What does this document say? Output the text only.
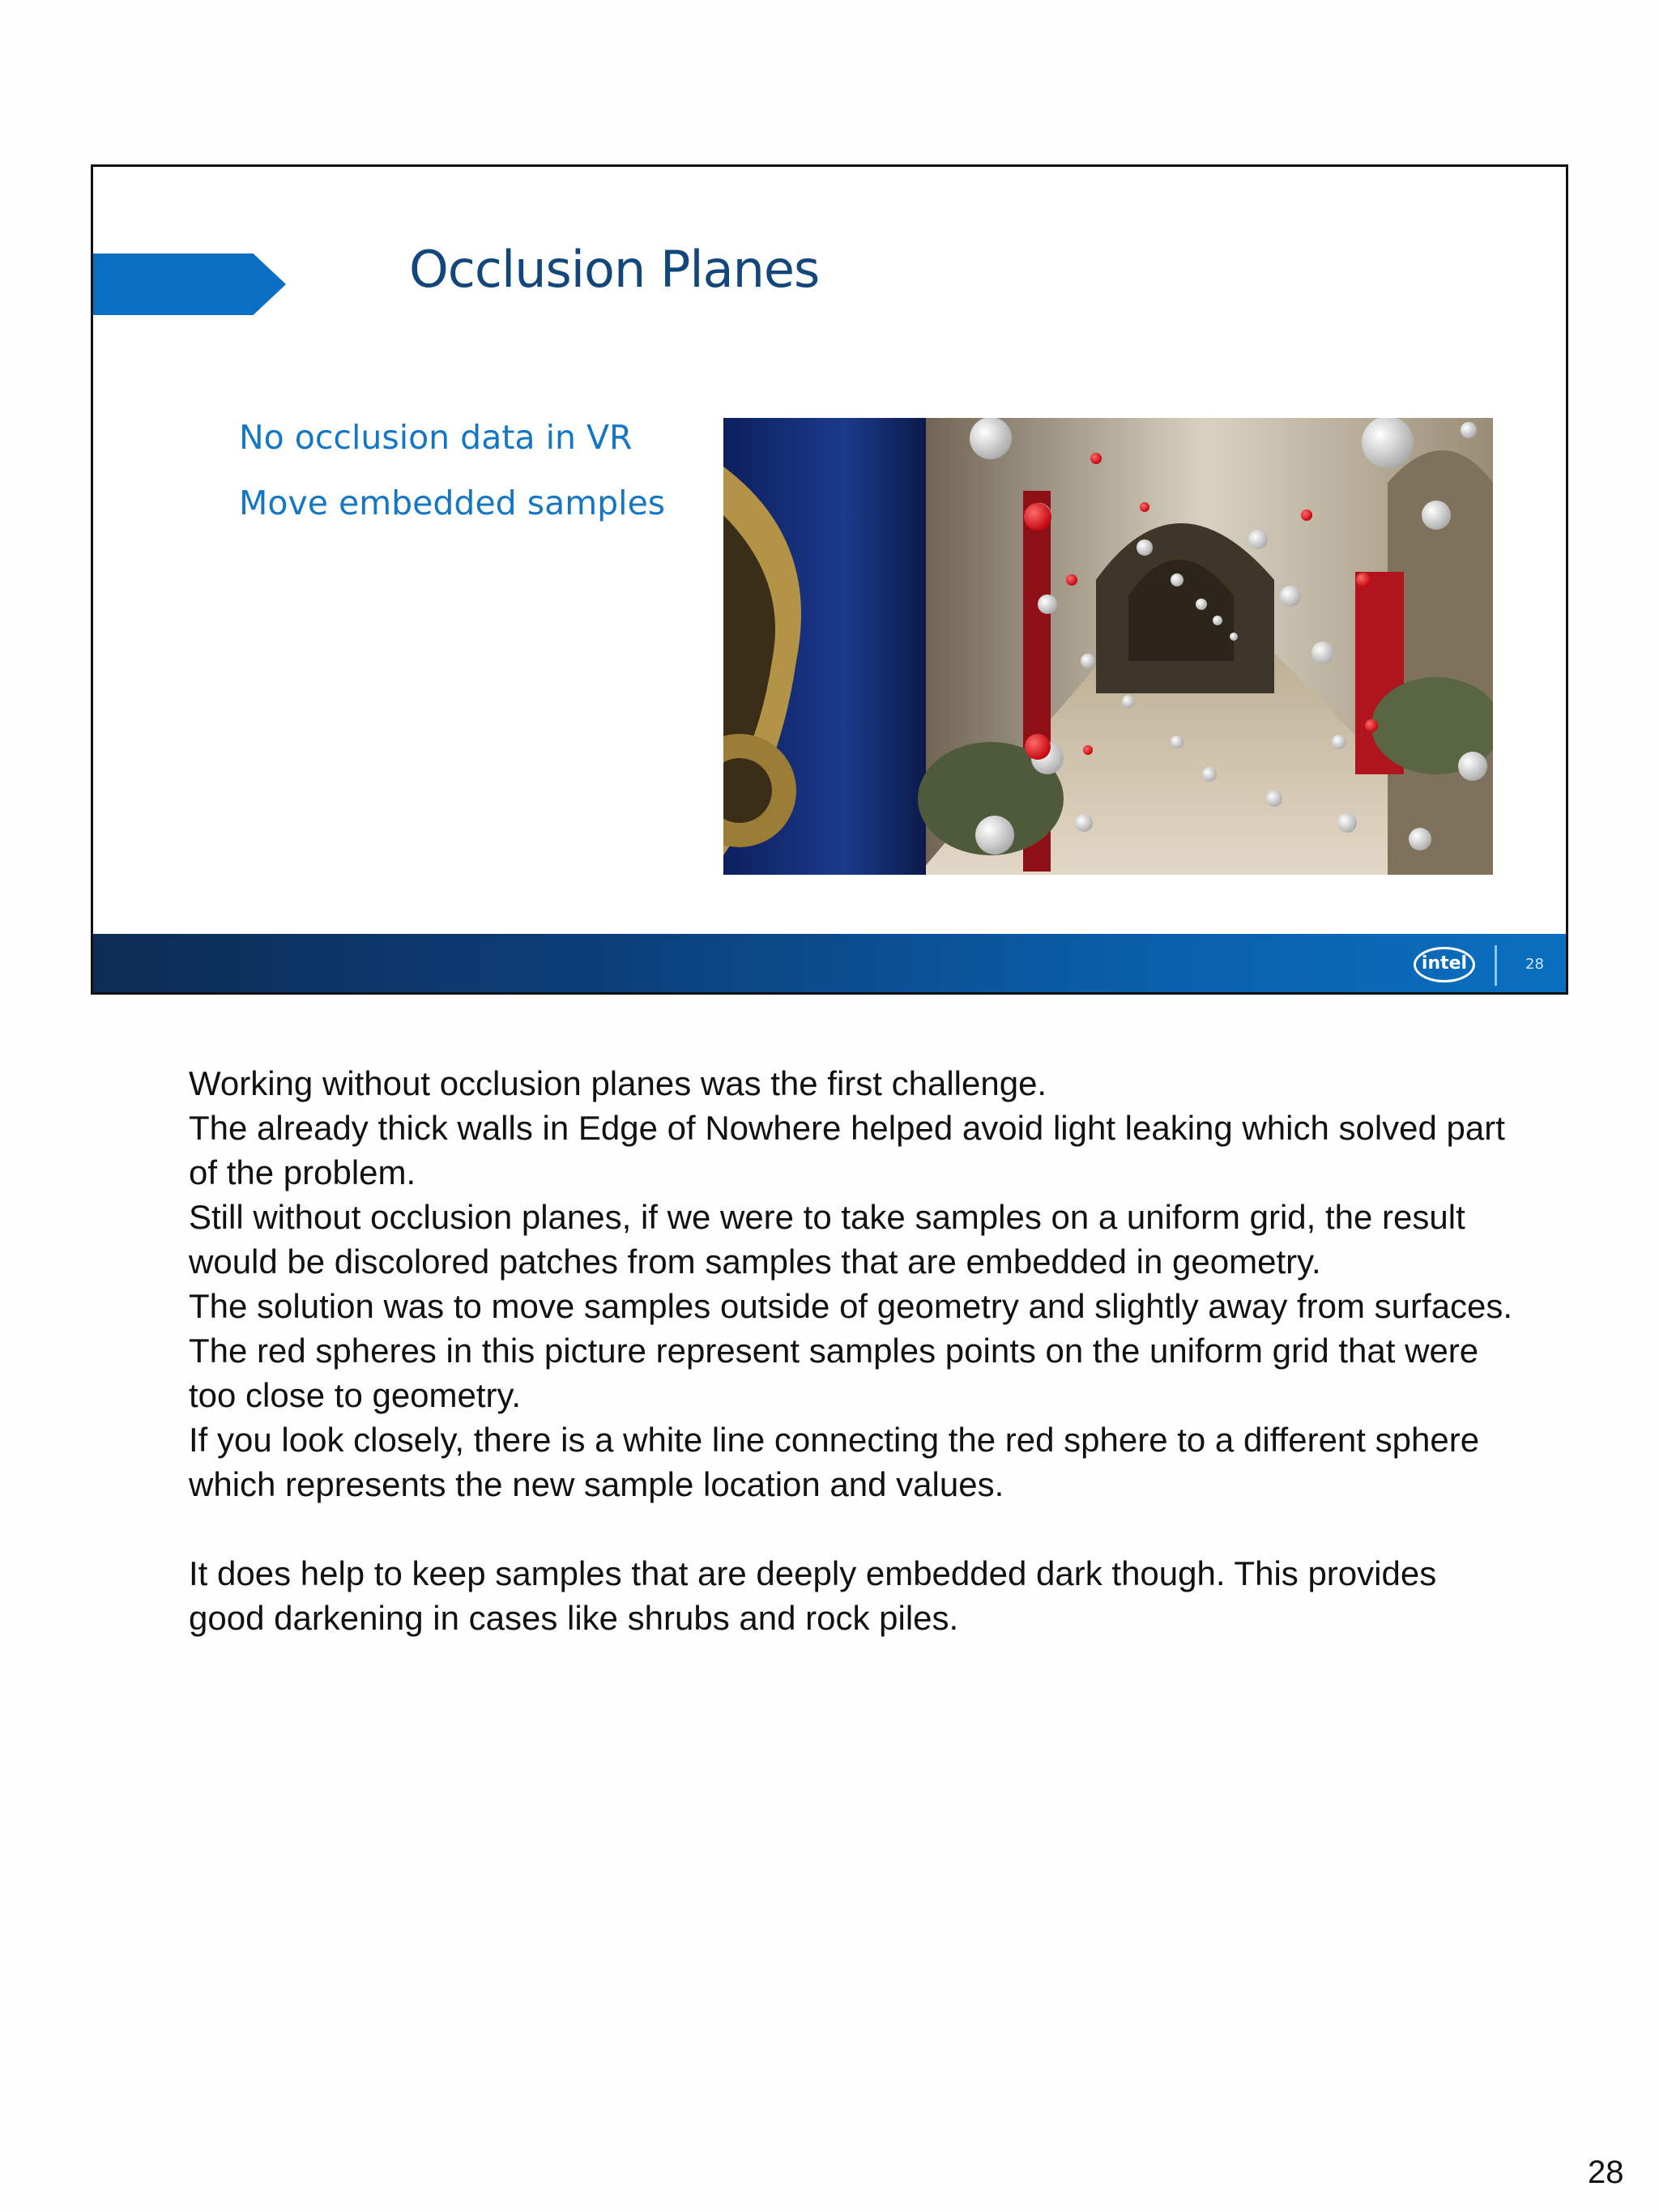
Occlusion Planes
No occlusion data in VR
Move embedded samples
intel	28

Working without occlusion planes was the first challenge.

The already thick walls in Edge of Nowhere helped avoid light leaking which solved part of the problem.

Still without occlusion planes, if we were to take samples on a uniform grid, the result would be discolored patches from samples that are embedded in geometry.

The solution was to move samples outside of geometry and slightly away from surfaces.

The red spheres in this picture represent samples points on the uniform grid that were too close to geometry.

If you look closely, there is a white line connecting the red sphere to a different sphere which represents the new sample location and values.

It does help to keep samples that are deeply embedded dark though. This provides good darkening in cases like shrubs and rock piles.

28
